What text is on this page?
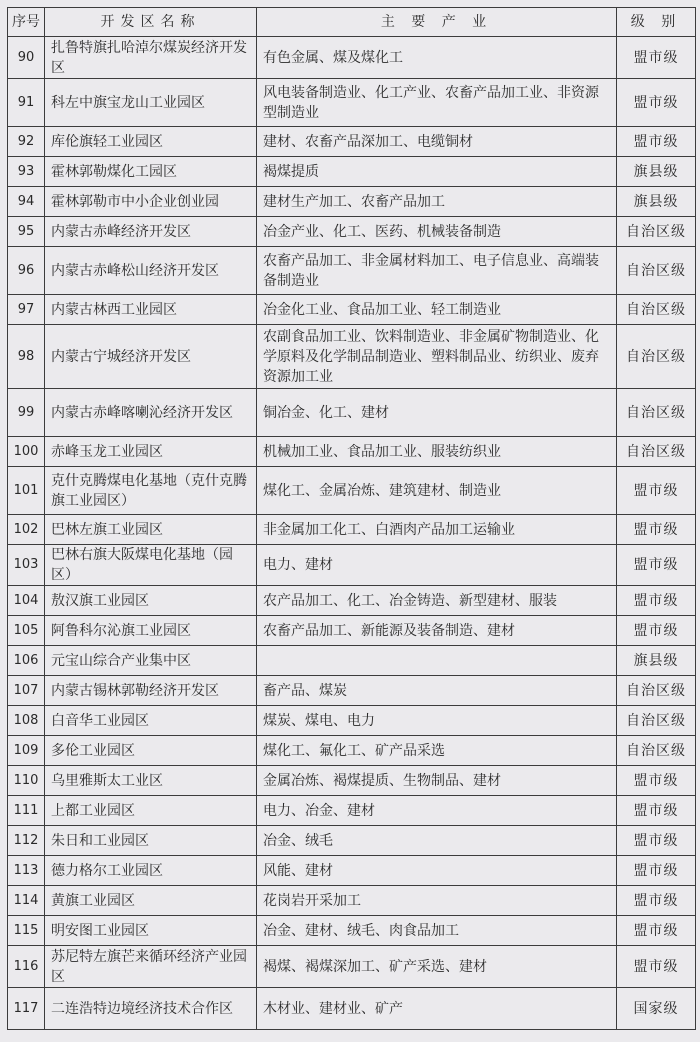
序号	开发区名称	主 要 产 业	级 别
90	扎鲁特旗扎哈淖尔煤炭经济开发区	有色金属、煤及煤化工	盟市级
91	科左中旗宝龙山工业园区	风电装备制造业、化工产业、农畜产品加工业、非资源型制造业	盟市级
92	库伦旗轻工业园区	建材、农畜产品深加工、电缆铜材	盟市级
93	霍林郭勒煤化工园区	褐煤提质	旗县级
94	霍林郭勒市中小企业创业园	建材生产加工、农畜产品加工	旗县级
95	内蒙古赤峰经济开发区	冶金产业、化工、医药、机械装备制造	自治区级
96	内蒙古赤峰松山经济开发区	农畜产品加工、非金属材料加工、电子信息业、高端装备制造业	自治区级
97	内蒙古林西工业园区	冶金化工业、食品加工业、轻工制造业	自治区级
98	内蒙古宁城经济开发区	农副食品加工业、饮料制造业、非金属矿物制造业、化学原料及化学制品制造业、塑料制品业、纺织业、废弃资源加工业	自治区级
99	内蒙古赤峰喀喇沁经济开发区	铜冶金、化工、建材	自治区级
100	赤峰玉龙工业园区	机械加工业、食品加工业、服装纺织业	自治区级
101	克什克腾煤电化基地（克什克腾旗工业园区）	煤化工、金属冶炼、建筑建材、制造业	盟市级
102	巴林左旗工业园区	非金属加工化工、白酒肉产品加工运输业	盟市级
103	巴林右旗大阪煤电化基地（园区）	电力、建材	盟市级
104	敖汉旗工业园区	农产品加工、化工、冶金铸造、新型建材、服装	盟市级
105	阿鲁科尔沁旗工业园区	农畜产品加工、新能源及装备制造、建材	盟市级
106	元宝山综合产业集中区		旗县级
107	内蒙古锡林郭勒经济开发区	畜产品、煤炭	自治区级
108	白音华工业园区	煤炭、煤电、电力	自治区级
109	多伦工业园区	煤化工、氟化工、矿产品采选	自治区级
110	乌里雅斯太工业区	金属冶炼、褐煤提质、生物制品、建材	盟市级
111	上都工业园区	电力、冶金、建材	盟市级
112	朱日和工业园区	冶金、绒毛	盟市级
113	德力格尔工业园区	风能、建材	盟市级
114	黄旗工业园区	花岗岩开采加工	盟市级
115	明安图工业园区	冶金、建材、绒毛、肉食品加工	盟市级
116	苏尼特左旗芒来循环经济产业园区	褐煤、褐煤深加工、矿产采选、建材	盟市级
117	二连浩特边境经济技术合作区	木材业、建材业、矿产	国家级
